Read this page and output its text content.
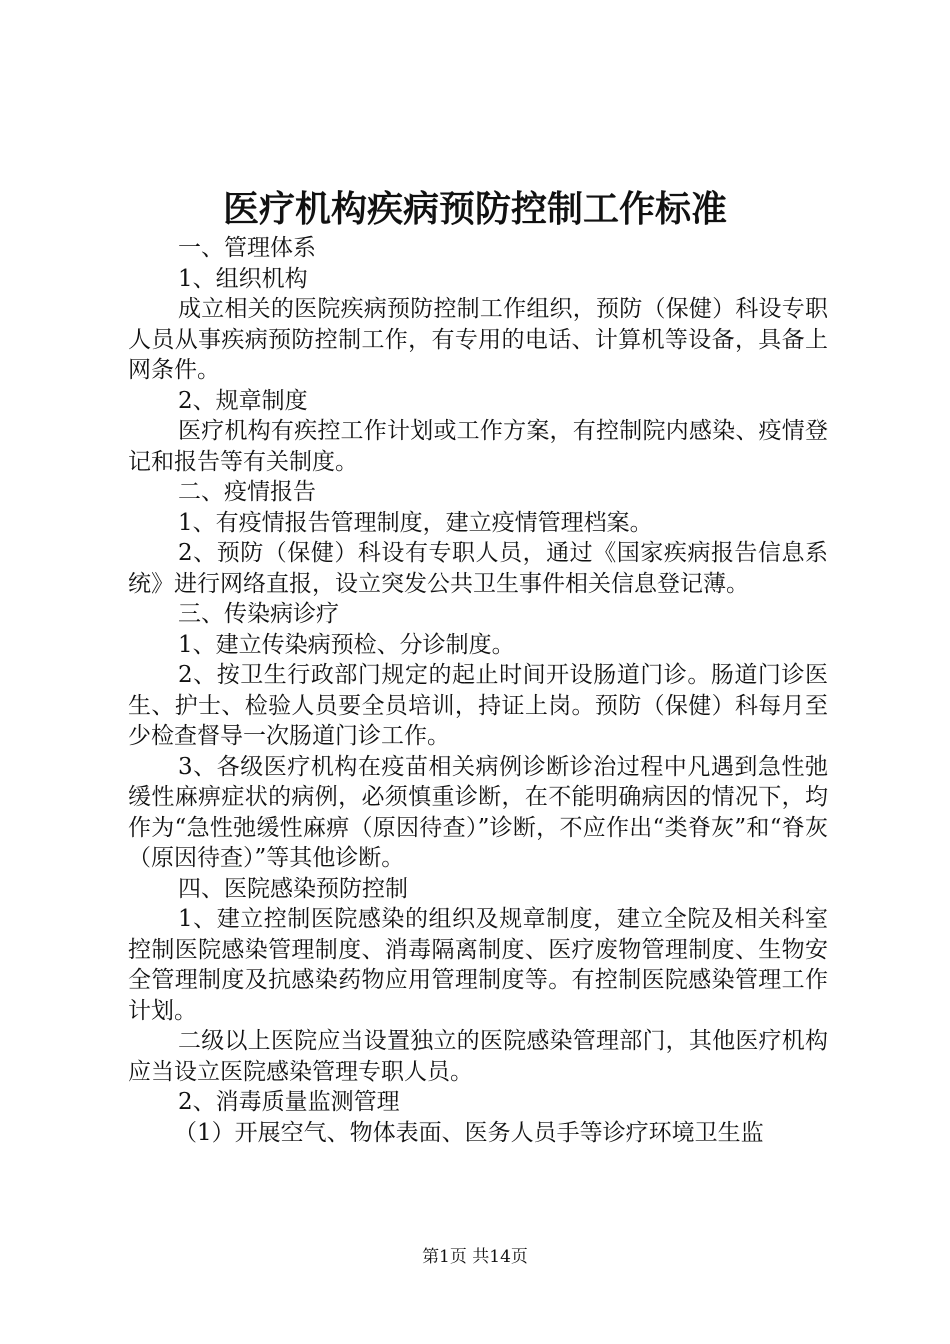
医疗机构疾病预防控制工作标准

一、管理体系

1、组织机构

成立相关的医院疾病预防控制工作组织，预防（保健）科设专职人员从事疾病预防控制工作，有专用的电话、计算机等设备，具备上网条件。

2、规章制度

医疗机构有疾控工作计划或工作方案，有控制院内感染、疫情登记和报告等有关制度。

二、疫情报告

1、有疫情报告管理制度，建立疫情管理档案。

2、预防（保健）科设有专职人员，通过《国家疾病报告信息系统》进行网络直报，设立突发公共卫生事件相关信息登记薄。

三、传染病诊疗

1、建立传染病预检、分诊制度。

2、按卫生行政部门规定的起止时间开设肠道门诊。肠道门诊医生、护士、检验人员要全员培训，持证上岗。预防（保健）科每月至少检查督导一次肠道门诊工作。

3、各级医疗机构在疫苗相关病例诊断诊治过程中凡遇到急性弛缓性麻痹症状的病例，必须慎重诊断，在不能明确病因的情况下，均作为“急性弛缓性麻痹（原因待查）”诊断，不应作出“类脊灰”和“脊灰（原因待查）”等其他诊断。

四、医院感染预防控制

1、建立控制医院感染的组织及规章制度，建立全院及相关科室控制医院感染管理制度、消毒隔离制度、医疗废物管理制度、生物安全管理制度及抗感染药物应用管理制度等。有控制医院感染管理工作计划。

二级以上医院应当设置独立的医院感染管理部门，其他医疗机构应当设立医院感染管理专职人员。

2、消毒质量监测管理

（1）开展空气、物体表面、医务人员手等诊疗环境卫生监

第1页 共14页
